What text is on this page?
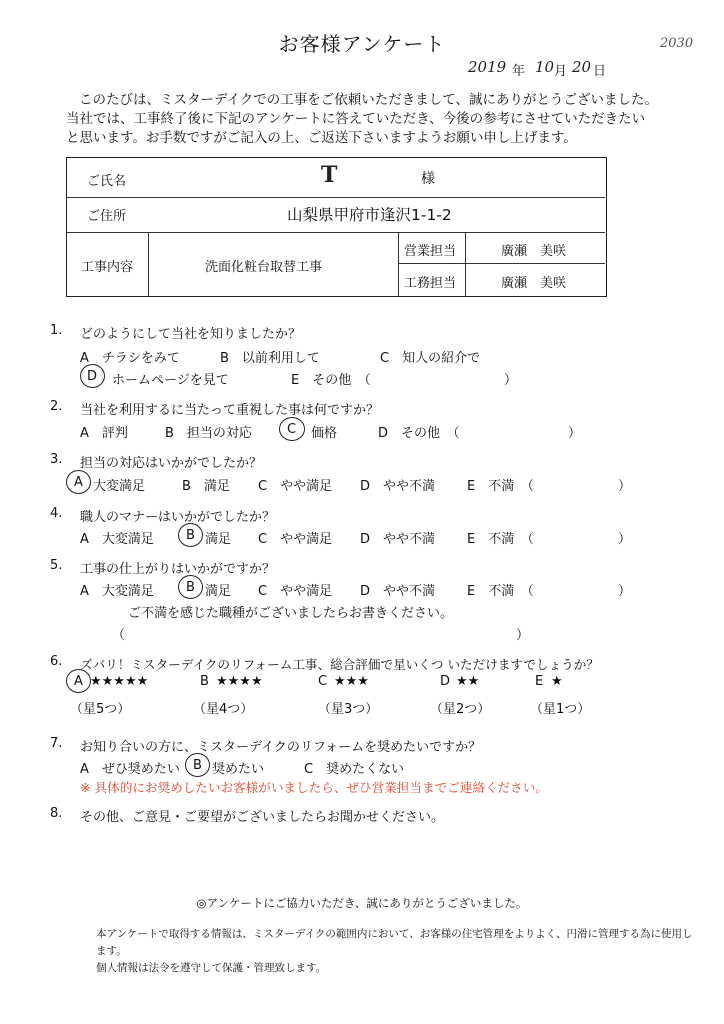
お客様アンケート	2030
2019 年 10 月 20 日

このたびは、ミスターデイクでの工事をご依頼いただきまして、誠にありがとうございました。

当社では、工事終了後に下記のアンケートに答えていただき、今後の参考にさせていただきたい

と思います。お手数ですがご記入の上、ご返送下さいますようお願い申し上げます。

ご氏名	T	様
ご住所	山梨県甲府市逢沢1-1-2
工事内容	洗面化粧台取替工事
営業担当	廣瀬　美咲
工務担当	廣瀬　美咲
1. どのようにして当社を知りましたか？
A　チラシをみて	B　以前利用して	C　知人の紹介で
D ホームページを見て	E　その他　（	）
2. 当社を利用するに当たって重視した事は何ですか？
A　評判	B　担当の対応	C 価格	D　その他　（	）
3. 担当の対応はいかがでしたか？
A 大変満足	B　満足 C　やや満足 D　やや不満 E　不満　（	）
4. 職人のマナーはいかがでしたか？
A　大変満足 B 満足 C　やや満足 D　やや不満 E　不満　（	）
5. 工事の仕上がりはいかがですか？
A　大変満足 B 満足 C　やや満足 D　やや不満 E　不満　（	）
ご不満を感じた職種がございましたらお書きください。
（	）
6. ズバリ！ミスターデイクのリフォーム工事、総合評価で星いくつ いただけますでしょうか？
A ★★★★★
（星5つ）
B ★★★★
（星4つ）
C ★★★
（星3つ）
D ★★
（星2つ）
E ★
（星1つ）
7. お知り合いの方に、ミスターデイクのリフォームを奨めたいですか？
A　ぜひ奨めたい B 奨めたい	C　奨めたくない
※ 具体的にお奨めしたいお客様がいましたら、ぜひ営業担当までご連絡ください。
8. その他、ご意見・ご要望がございましたらお聞かせください。
◎アンケートにご協力いただき、誠にありがとうございました。

本アンケートで取得する情報は、ミスターデイクの範囲内において、お客様の住宅管理をよりよく、円滑に管理する為に使用します。

個人情報は法令を遵守して保護・管理致します。
